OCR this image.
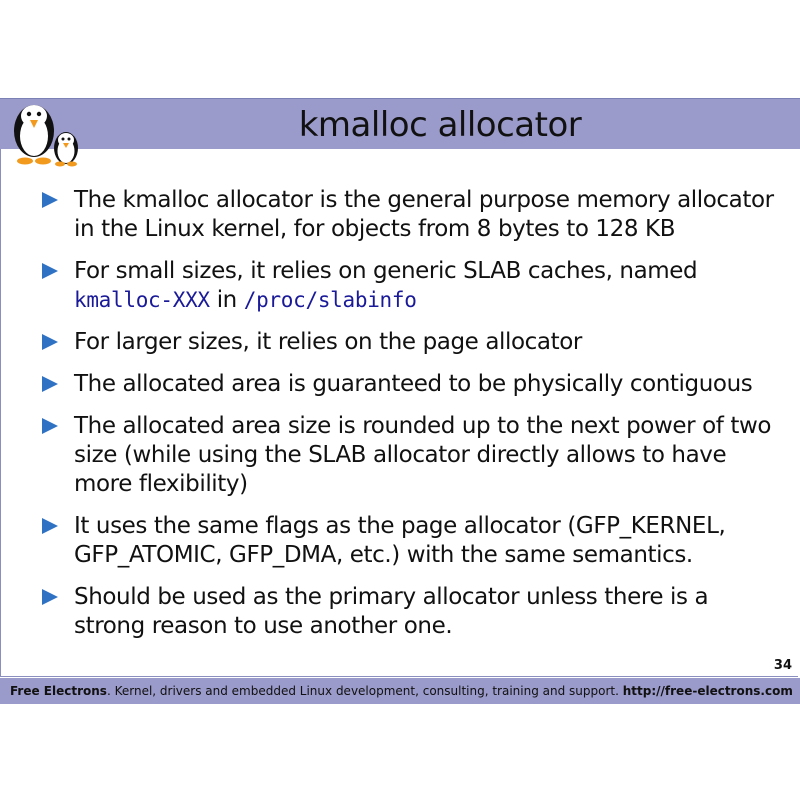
kmalloc allocator
The kmalloc allocator is the general purpose memory allocator in the Linux kernel, for objects from 8 bytes to 128 KB
For small sizes, it relies on generic SLAB caches, named kmalloc-XXX in /proc/slabinfo
For larger sizes, it relies on the page allocator
The allocated area is guaranteed to be physically contiguous
The allocated area size is rounded up to the next power of two size (while using the SLAB allocator directly allows to have more flexibility)
It uses the same flags as the page allocator (GFP_KERNEL, GFP_ATOMIC, GFP_DMA, etc.) with the same semantics.
Should be used as the primary allocator unless there is a strong reason to use another one.
34
Free Electrons. Kernel, drivers and embedded Linux development, consulting, training and support. http://free-electrons.com
